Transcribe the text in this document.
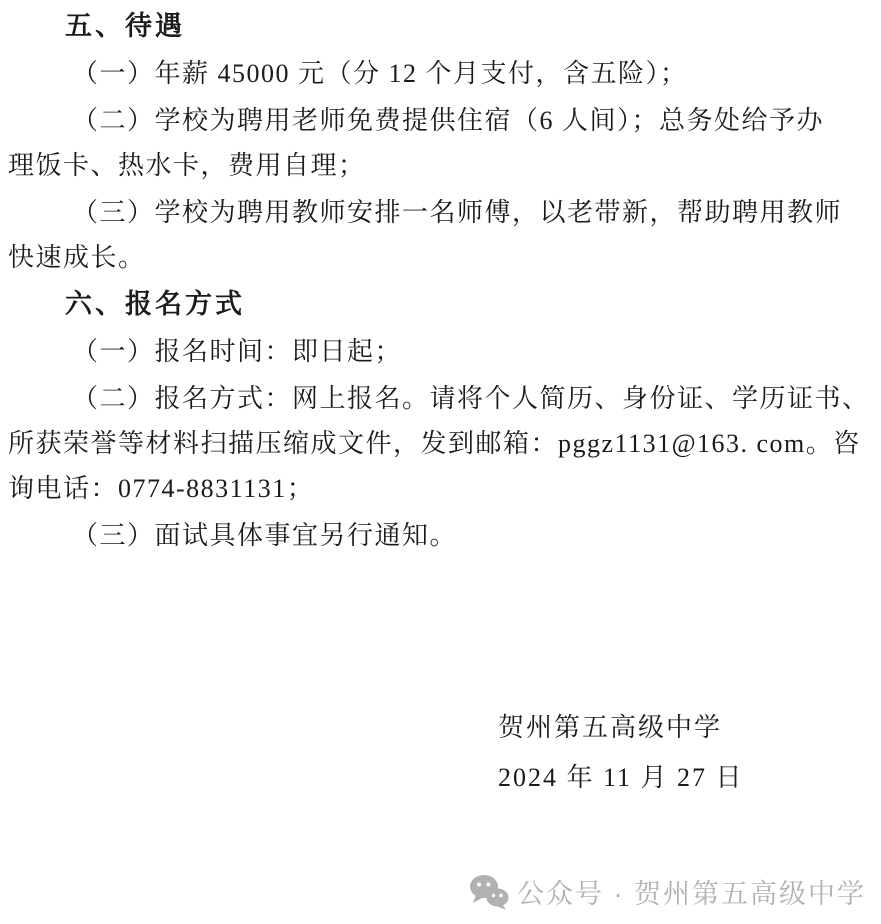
五、待遇
（一）年薪 45000 元（分 12 个月支付，含五险）；
（二）学校为聘用老师免费提供住宿（6 人间）；总务处给予办
理饭卡、热水卡，费用自理；
（三）学校为聘用教师安排一名师傅，以老带新，帮助聘用教师
快速成长。
六、报名方式
（一）报名时间：即日起；
（二）报名方式：网上报名。请将个人简历、身份证、学历证书、
所获荣誉等材料扫描压缩成文件，发到邮箱：pggz1131@163. com。咨
询电话：0774-8831131；
（三）面试具体事宜另行通知。
贺州第五高级中学
2024 年 11 月 27 日
公众号 · 贺州第五高级中学
